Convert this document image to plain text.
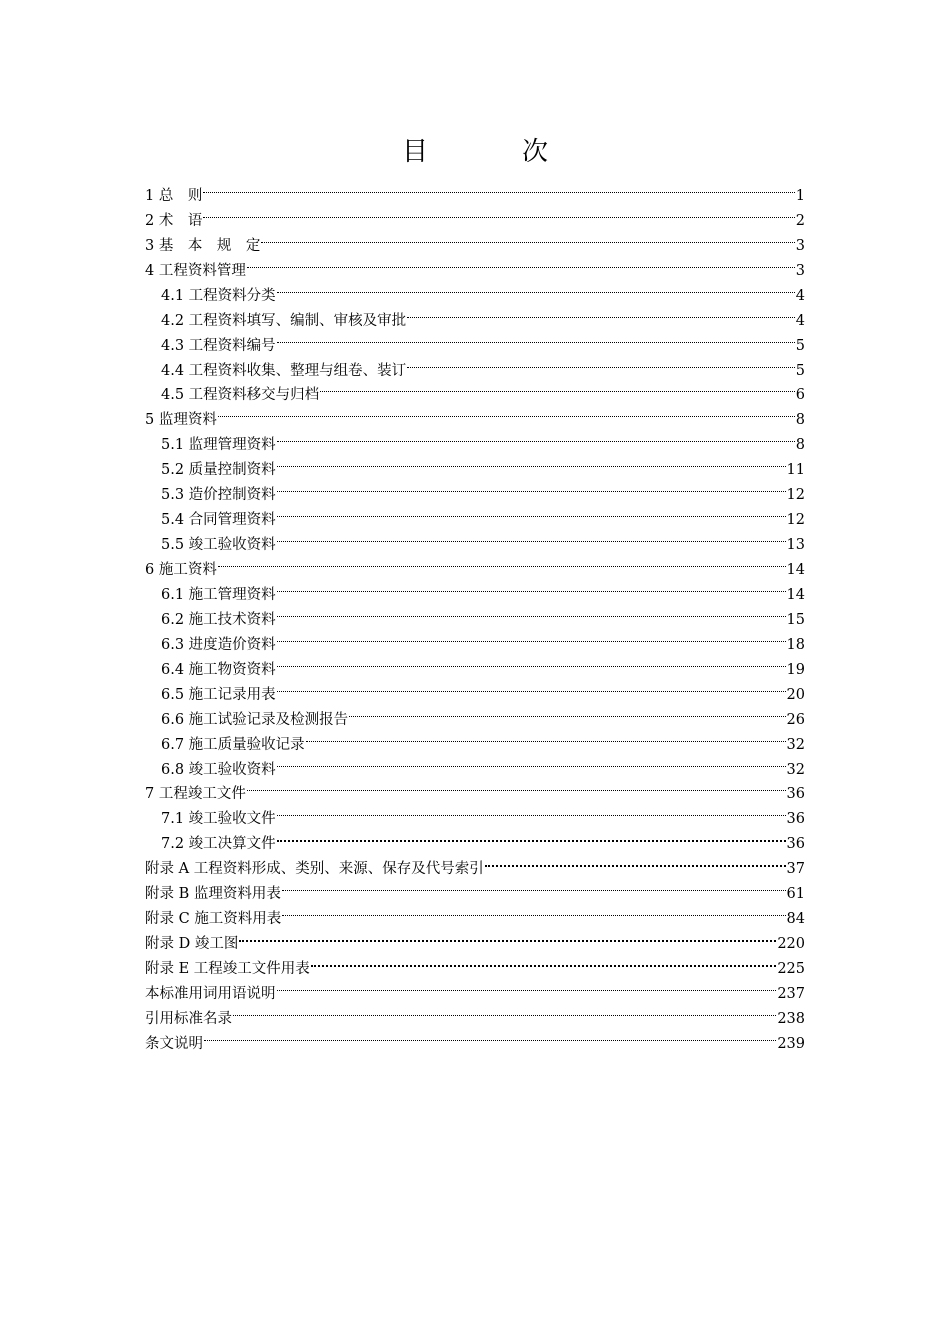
目　次
1 总　则	1
2 术　语	2
3 基　本　规　定	3
4 工程资料管理	3
4.1 工程资料分类	4
4.2 工程资料填写、编制、审核及审批	4
4.3 工程资料编号	5
4.4 工程资料收集、整理与组卷、装订	5
4.5 工程资料移交与归档	6
5 监理资料	8
5.1 监理管理资料	8
5.2 质量控制资料	11
5.3 造价控制资料	12
5.4 合同管理资料	12
5.5 竣工验收资料	13
6 施工资料	14
6.1 施工管理资料	14
6.2 施工技术资料	15
6.3 进度造价资料	18
6.4 施工物资资料	19
6.5 施工记录用表	20
6.6 施工试验记录及检测报告	26
6.7 施工质量验收记录	32
6.8 竣工验收资料	32
7 工程竣工文件	36
7.1 竣工验收文件	36
7.2 竣工决算文件	36
附录 A 工程资料形成、类别、来源、保存及代号索引	37
附录 B 监理资料用表	61
附录 C 施工资料用表	84
附录 D 竣工图	220
附录 E 工程竣工文件用表	225
本标准用词用语说明	237
引用标准名录	238
条文说明	239
